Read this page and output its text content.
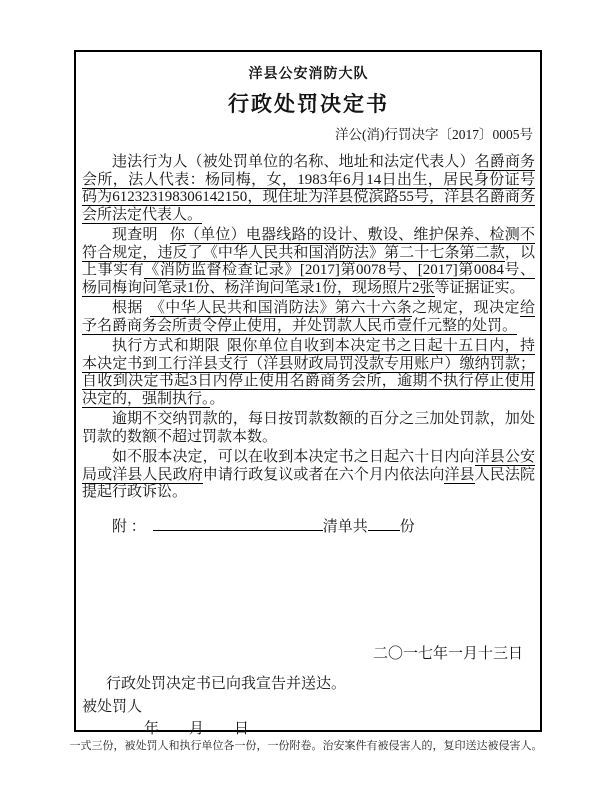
洋县公安消防大队
行政处罚决定书
洋公(消)行罚决字〔2017〕0005号

违法行为人（被处罚单位的名称、地址和法定代表人）名爵商务会所，法人代表：杨同梅，女，1983年6月14日出生，居民身份证号码为612323198306142150，现住址为洋县傥滨路55号，洋县名爵商务会所法定代表人。

现查明 你（单位）电器线路的设计、敷设、维护保养、检测不符合规定，违反了《中华人民共和国消防法》第二十七条第二款，以上事实有《消防监督检查记录》[2017]第0078号、[2017]第0084号、杨同梅询问笔录1份、杨洋询问笔录1份，现场照片2张等证据证实。

根据 《中华人民共和国消防法》第六十六条之规定，现决定给予名爵商务会所责令停止使用，并处罚款人民币壹仟元整的处罚。

执行方式和期限 限你单位自收到本决定书之日起十五日内，持本决定书到工行洋县支行（洋县财政局罚没款专用账户）缴纳罚款；自收到决定书起3日内停止使用名爵商务会所，逾期不执行停止使用决定的，强制执行。。

逾期不交纳罚款的，每日按罚款数额的百分之三加处罚款，加处罚款的数额不超过罚款本数。

如不服本决定，可以在收到本决定书之日起六十日内向洋县公安局或洋县人民政府申请行政复议或者在六个月内依法向洋县人民法院提起行政诉讼。

附 ：	清单共 份
二〇一七年一月十三日
行政处罚决定书已向我宣告并送达。
被处罚人
年　　月　　日
一式三份，被处罚人和执行单位各一份，一份附卷。治安案件有被侵害人的，复印送达被侵害人。
